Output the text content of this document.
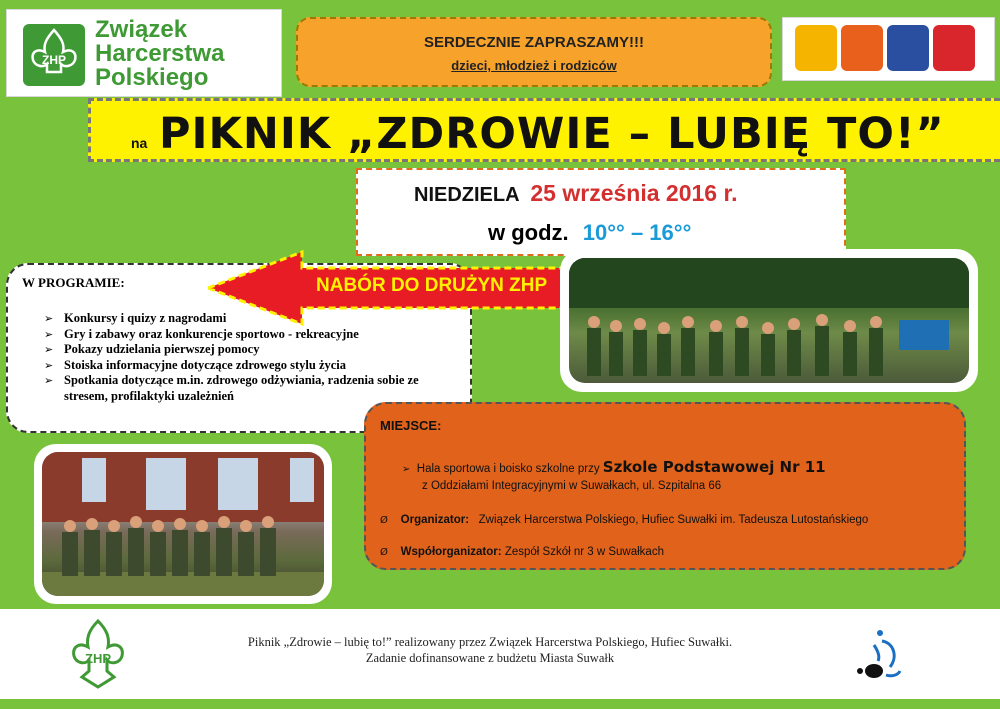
ZHP
Związek
Harcerstwa
Polskiego
SERDECZNIE ZAPRASZAMY!!!
dzieci, młodzież i rodziców
na PIKNIK „ZDROWIE – LUBIĘ TO!”
NIEDZIELA 25 września 2016 r.
w godz. 10°° – 16°°
W PROGRAMIE:
➢ Konkursy i quizy z nagrodami
➢ Gry i zabawy oraz konkurencje sportowo - rekreacyjne
➢ Pokazy udzielania pierwszej pomocy
➢ Stoiska informacyjne dotyczące zdrowego stylu życia
➢ Spotkania dotyczące m.in. zdrowego odżywiania, radzenia sobie ze stresem, profilaktyki uzależnień
NABÓR DO DRUŻYN ZHP
MIEJSCE:
➢ Hala sportowa i boisko szkolne przy Szkole Podstawowej Nr 11
z Oddziałami Integracyjnymi w Suwałkach, ul. Szpitalna 66
Ø Organizator: Związek Harcerstwa Polskiego, Hufiec Suwałki im. Tadeusza Lutostańskiego
Ø Współorganizator: Zespół Szkół nr 3 w Suwałkach
ZHP
Piknik „Zdrowie – lubię to!” realizowany przez Związek Harcerstwa Polskiego, Hufiec Suwałki.
Zadanie dofinansowane z budżetu Miasta Suwałk
